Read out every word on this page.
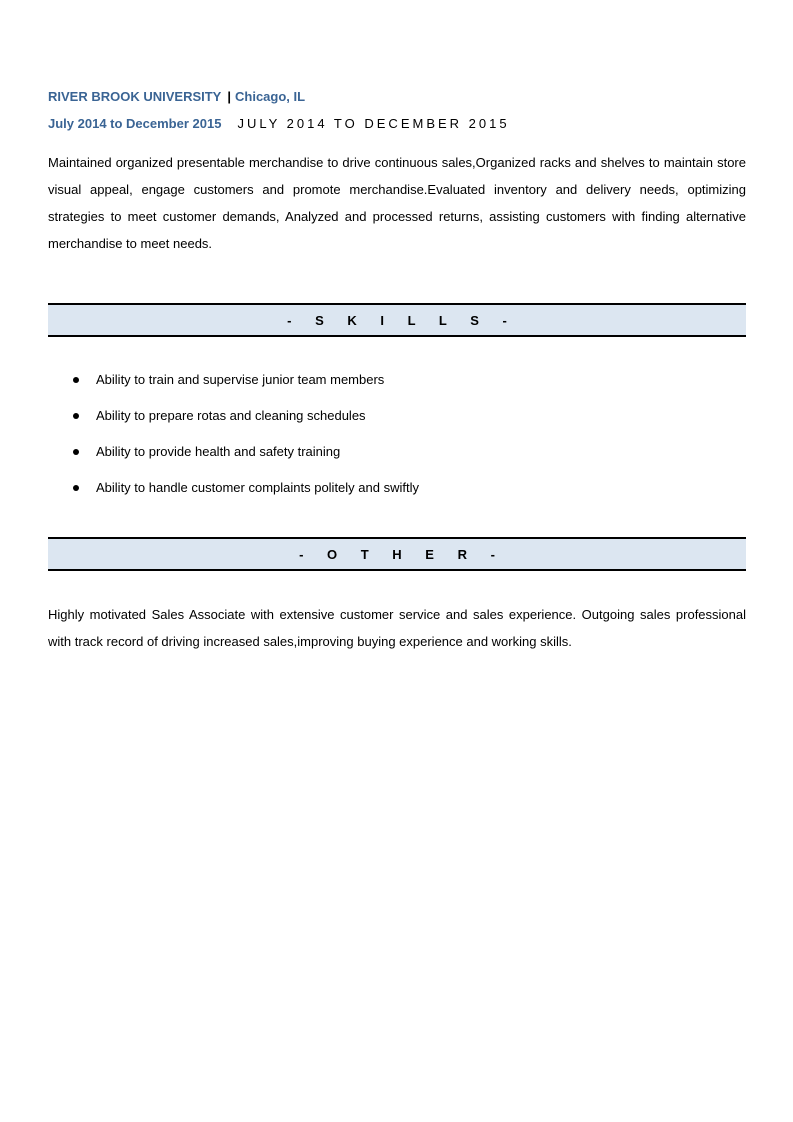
RIVER BROOK UNIVERSITY | Chicago, IL
July 2014 to December 2015 JULY 2014 TO DECEMBER 2015

Maintained organized presentable merchandise to drive continuous sales,Organized racks and shelves to maintain store visual appeal, engage customers and promote merchandise.Evaluated inventory and delivery needs, optimizing strategies to meet customer demands, Analyzed and processed returns, assisting customers with finding alternative merchandise to meet needs.

- S K I L L S -
Ability to train and supervise junior team members
Ability to prepare rotas and cleaning schedules
Ability to provide health and safety training
Ability to handle customer complaints politely and swiftly
- O T H E R -

Highly motivated Sales Associate with extensive customer service and sales experience. Outgoing sales professional with track record of driving increased sales,improving buying experience and working skills.
